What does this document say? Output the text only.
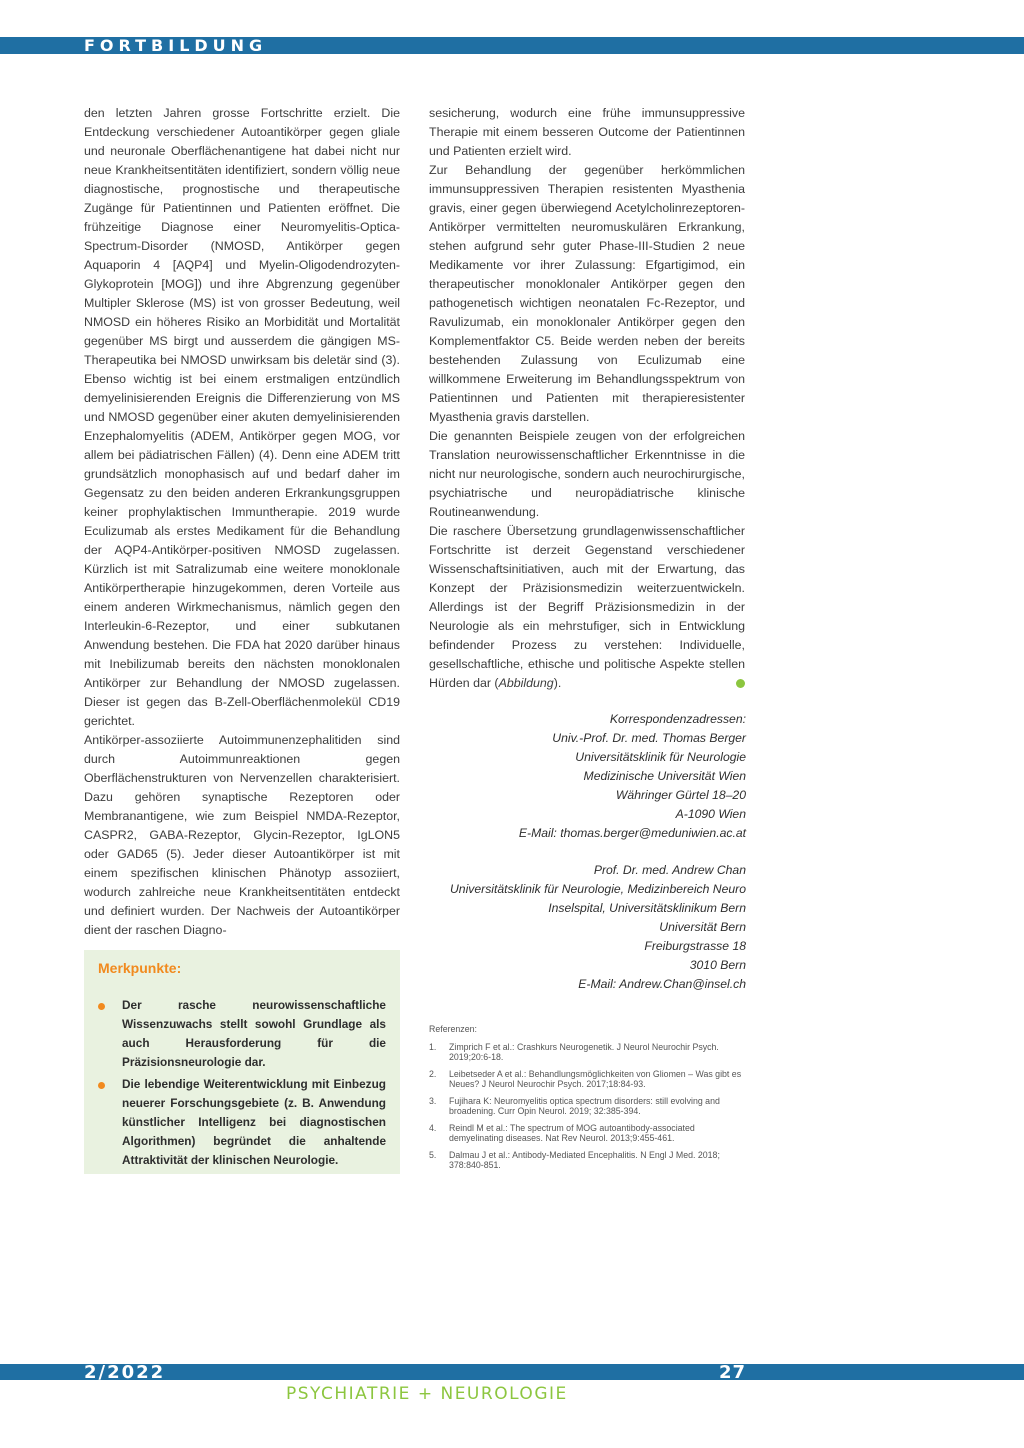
FORTBILDUNG

den letzten Jahren grosse Fortschritte erzielt. Die Entdeckung verschiedener Autoantikörper gegen gliale und neuronale Oberflächenantigene hat dabei nicht nur neue Krankheitsentitäten identifiziert, sondern völlig neue diagnostische, prognostische und therapeutische Zugänge für Patientinnen und Patienten eröffnet. Die frühzeitige Diagnose einer Neuromyelitis-Optica-Spectrum-Disorder (NMOSD, Antikörper gegen Aquaporin 4 [AQP4] und Myelin-Oligodendrozyten-Glykoprotein [MOG]) und ihre Abgrenzung gegenüber Multipler Sklerose (MS) ist von grosser Bedeutung, weil NMOSD ein höheres Risiko an Morbidität und Mortalität gegenüber MS birgt und ausserdem die gängigen MS-Therapeutika bei NMOSD unwirksam bis deletär sind (3). Ebenso wichtig ist bei einem erstmaligen entzündlich demyelinisierenden Ereignis die Differenzierung von MS und NMOSD gegenüber einer akuten demyelinisierenden Enzephalomyelitis (ADEM, Antikörper gegen MOG, vor allem bei pädiatrischen Fällen) (4). Denn eine ADEM tritt grundsätzlich monophasisch auf und bedarf daher im Gegensatz zu den beiden anderen Erkrankungsgruppen keiner prophylaktischen Immuntherapie. 2019 wurde Eculizumab als erstes Medikament für die Behandlung der AQP4-Antikörper-positiven NMOSD zugelassen. Kürzlich ist mit Satralizumab eine weitere monoklonale Antikörpertherapie hinzugekommen, deren Vorteile aus einem anderen Wirkmechanismus, nämlich gegen den Interleukin-6-Rezeptor, und einer subkutanen Anwendung bestehen. Die FDA hat 2020 darüber hinaus mit Inebilizumab bereits den nächsten monoklonalen Antikörper zur Behandlung der NMOSD zugelassen. Dieser ist gegen das B-Zell-Oberflächenmolekül CD19 gerichtet.

Antikörper-assoziierte Autoimmunenzephalitiden sind durch Autoimmunreaktionen gegen Oberflächenstrukturen von Nervenzellen charakterisiert. Dazu gehören synaptische Rezeptoren oder Membranantigene, wie zum Beispiel NMDA-Rezeptor, CASPR2, GABA-Rezeptor, Glycin-Rezeptor, IgLON5 oder GAD65 (5). Jeder dieser Autoantikörper ist mit einem spezifischen klinischen Phänotyp assoziiert, wodurch zahlreiche neue Krankheitsentitäten entdeckt und definiert wurden. Der Nachweis der Autoantikörper dient der raschen Diagno-

sesicherung, wodurch eine frühe immunsuppressive Therapie mit einem besseren Outcome der Patientinnen und Patienten erzielt wird.

Zur Behandlung der gegenüber herkömmlichen immunsuppressiven Therapien resistenten Myasthenia gravis, einer gegen überwiegend Acetylcholinrezeptoren-Antikörper vermittelten neuromuskulären Erkrankung, stehen aufgrund sehr guter Phase-III-Studien 2 neue Medikamente vor ihrer Zulassung: Efgartigimod, ein therapeutischer monoklonaler Antikörper gegen den pathogenetisch wichtigen neonatalen Fc-Rezeptor, und Ravulizumab, ein monoklonaler Antikörper gegen den Komplementfaktor C5. Beide werden neben der bereits bestehenden Zulassung von Eculizumab eine willkommene Erweiterung im Behandlungsspektrum von Patientinnen und Patienten mit therapieresistenter Myasthenia gravis darstellen.

Die genannten Beispiele zeugen von der erfolgreichen Translation neurowissenschaftlicher Erkenntnisse in die nicht nur neurologische, sondern auch neurochirurgische, psychiatrische und neuropädiatrische klinische Routineanwendung.

Die raschere Übersetzung grundlagenwissenschaftlicher Fortschritte ist derzeit Gegenstand verschiedener Wissenschaftsinitiativen, auch mit der Erwartung, das Konzept der Präzisionsmedizin weiterzuentwickeln. Allerdings ist der Begriff Präzisionsmedizin in der Neurologie als ein mehrstufiger, sich in Entwicklung befindender Prozess zu verstehen: Individuelle, gesellschaftliche, ethische und politische Aspekte stellen Hürden dar (Abbildung).

Merkpunkte:
Der rasche neurowissenschaftliche Wissenzuwachs stellt sowohl Grundlage als auch Herausforderung für die Präzisionsneurologie dar.
Die lebendige Weiterentwicklung mit Einbezug neuerer Forschungsgebiete (z. B. Anwendung künstlicher Intelligenz bei diagnostischen Algorithmen) begründet die anhaltende Attraktivität der klinischen Neurologie.
Korrespondenzadressen:
Univ.-Prof. Dr. med. Thomas Berger
Universitätsklinik für Neurologie
Medizinische Universität Wien
Währinger Gürtel 18–20
A-1090 Wien
E-Mail: thomas.berger@meduniwien.ac.at
Prof. Dr. med. Andrew Chan
Universitätsklinik für Neurologie, Medizinbereich Neuro
Inselspital, Universitätsklinikum Bern
Universität Bern
Freiburgstrasse 18
3010 Bern
E-Mail: Andrew.Chan@insel.ch
Referenzen:
1.	Zimprich F et al.: Crashkurs Neurogenetik. J Neurol Neurochir Psych. 2019;20:6-18.
2.	Leibetseder A et al.: Behandlungsmöglichkeiten von Gliomen – Was gibt es Neues? J Neurol Neurochir Psych. 2017;18:84-93.
3.	Fujihara K: Neuromyelitis optica spectrum disorders: still evolving and broadening. Curr Opin Neurol. 2019; 32:385-394.
4.	Reindl M et al.: The spectrum of MOG autoantibody-associated demyelinating diseases. Nat Rev Neurol. 2013;9:455-461.
5.	Dalmau J et al.: Antibody-Mediated Encephalitis. N Engl J Med. 2018; 378:840-851.
2/2022	27
PSYCHIATRIE + NEUROLOGIE
